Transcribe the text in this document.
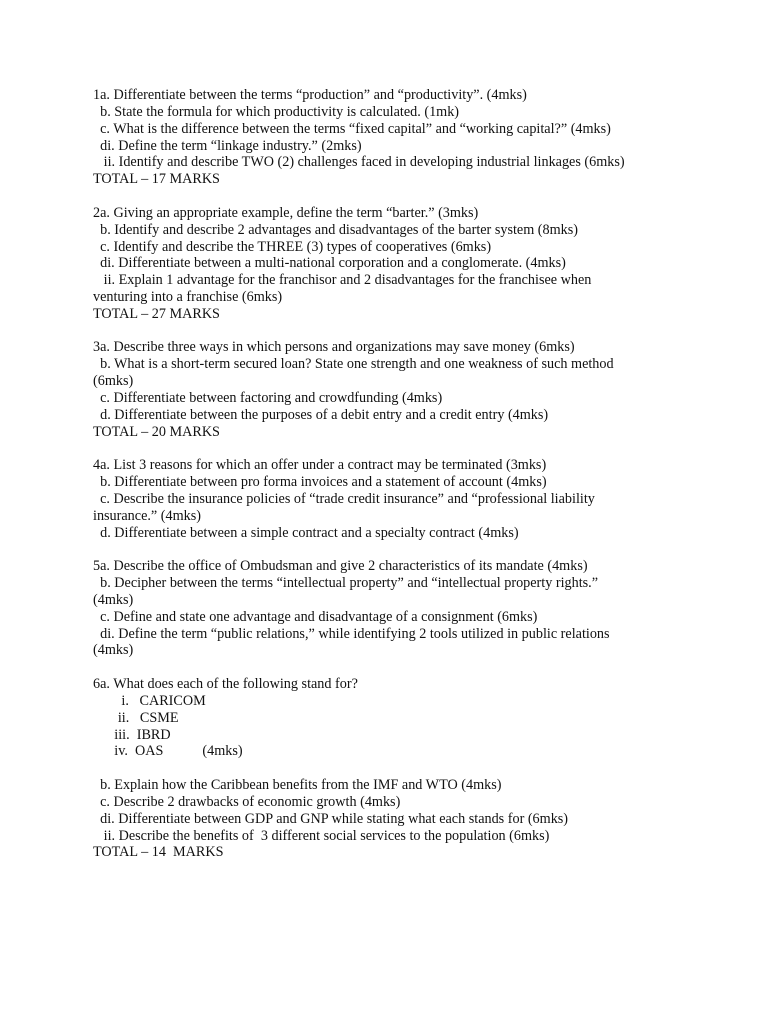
1a. Differentiate between the terms “production” and “productivity”. (4mks)
b. State the formula for which productivity is calculated. (1mk)
c. What is the difference between the terms “fixed capital” and “working capital?” (4mks)
di. Define the term “linkage industry.” (2mks)
ii. Identify and describe TWO (2) challenges faced in developing industrial linkages (6mks)
TOTAL – 17 MARKS
2a. Giving an appropriate example, define the term “barter.” (3mks)
b. Identify and describe 2 advantages and disadvantages of the barter system (8mks)
c. Identify and describe the THREE (3) types of cooperatives (6mks)
di. Differentiate between a multi-national corporation and a conglomerate. (4mks)
ii. Explain 1 advantage for the franchisor and 2 disadvantages for the franchisee when
venturing into a franchise (6mks)
TOTAL – 27 MARKS
3a. Describe three ways in which persons and organizations may save money (6mks)
b. What is a short-term secured loan? State one strength and one weakness of such method
(6mks)
c. Differentiate between factoring and crowdfunding (4mks)
d. Differentiate between the purposes of a debit entry and a credit entry (4mks)
TOTAL – 20 MARKS
4a. List 3 reasons for which an offer under a contract may be terminated (3mks)
b. Differentiate between pro forma invoices and a statement of account (4mks)
c. Describe the insurance policies of “trade credit insurance” and “professional liability
insurance.” (4mks)
d. Differentiate between a simple contract and a specialty contract (4mks)
5a. Describe the office of Ombudsman and give 2 characteristics of its mandate (4mks)
b. Decipher between the terms “intellectual property” and “intellectual property rights.”
(4mks)
c. Define and state one advantage and disadvantage of a consignment (6mks)
di. Define the term “public relations,” while identifying 2 tools utilized in public relations
(4mks)
6a. What does each of the following stand for?
i.   CARICOM
ii.   CSME
iii.  IBRD
iv.  OAS           (4mks)
b. Explain how the Caribbean benefits from the IMF and WTO (4mks)
c. Describe 2 drawbacks of economic growth (4mks)
di. Differentiate between GDP and GNP while stating what each stands for (6mks)
ii. Describe the benefits of  3 different social services to the population (6mks)
TOTAL – 14  MARKS
